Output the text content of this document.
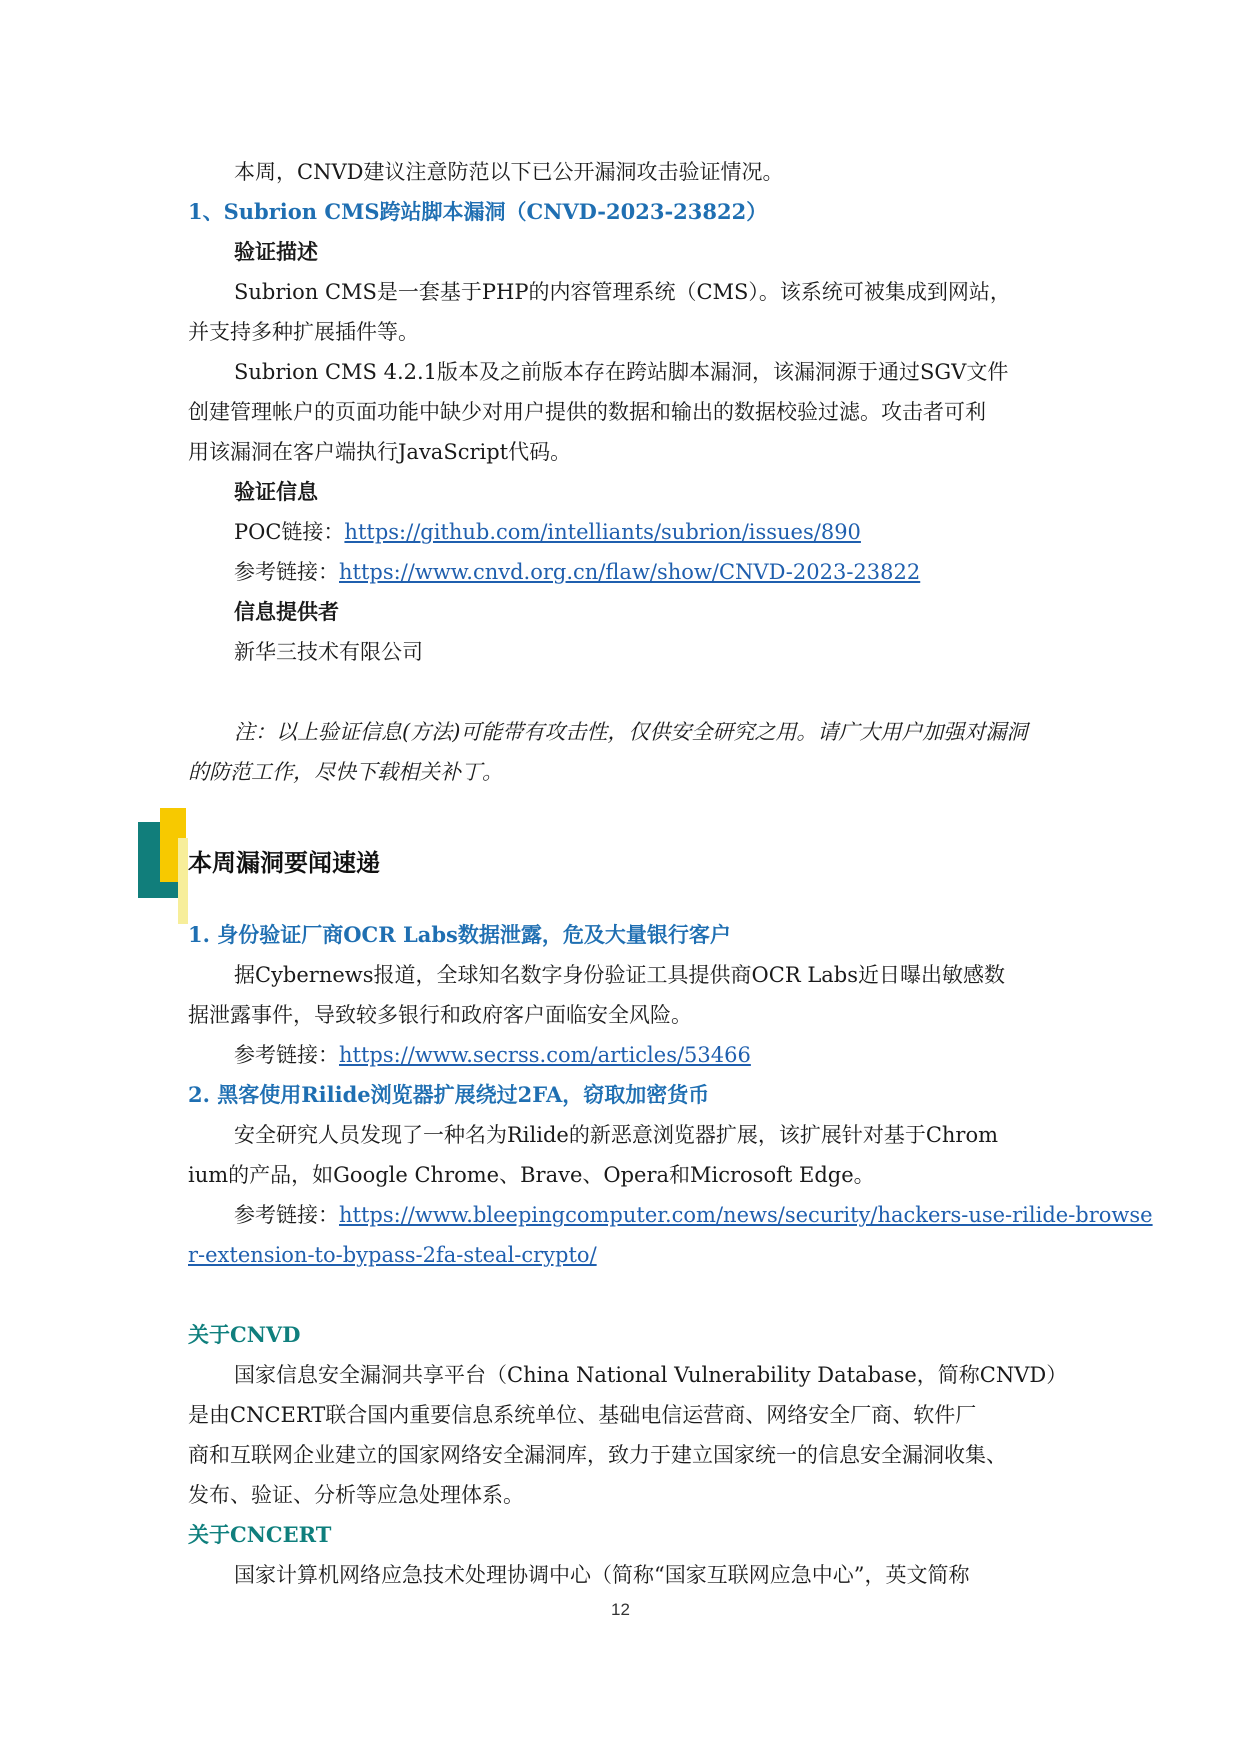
本周，CNVD建议注意防范以下已公开漏洞攻击验证情况。
1、Subrion CMS跨站脚本漏洞（CNVD-2023-23822）
验证描述
Subrion CMS是一套基于PHP的内容管理系统（CMS）。该系统可被集成到网站，
并支持多种扩展插件等。
Subrion CMS 4.2.1版本及之前版本存在跨站脚本漏洞，该漏洞源于通过SGV文件
创建管理帐户的页面功能中缺少对用户提供的数据和输出的数据校验过滤。攻击者可利
用该漏洞在客户端执行JavaScript代码。
验证信息
POC链接：https://github.com/intelliants/subrion/issues/890
参考链接：https://www.cnvd.org.cn/flaw/show/CNVD-2023-23822
信息提供者
新华三技术有限公司
注：以上验证信息(方法)可能带有攻击性，仅供安全研究之用。请广大用户加强对漏洞
的防范工作，尽快下载相关补丁。
本周漏洞要闻速递
1. 身份验证厂商OCR Labs数据泄露，危及大量银行客户
据Cybernews报道，全球知名数字身份验证工具提供商OCR Labs近日曝出敏感数
据泄露事件，导致较多银行和政府客户面临安全风险。
参考链接：https://www.secrss.com/articles/53466
2. 黑客使用Rilide浏览器扩展绕过2FA，窃取加密货币
安全研究人员发现了一种名为Rilide的新恶意浏览器扩展，该扩展针对基于Chrom
ium的产品，如Google Chrome、Brave、Opera和Microsoft Edge。
参考链接：https://www.bleepingcomputer.com/news/security/hackers-use-rilide-browse
r-extension-to-bypass-2fa-steal-crypto/
关于CNVD
国家信息安全漏洞共享平台（China National Vulnerability Database，简称CNVD）
是由CNCERT联合国内重要信息系统单位、基础电信运营商、网络安全厂商、软件厂
商和互联网企业建立的国家网络安全漏洞库，致力于建立国家统一的信息安全漏洞收集、
发布、验证、分析等应急处理体系。
关于CNCERT
国家计算机网络应急技术处理协调中心（简称“国家互联网应急中心”，英文简称
12
